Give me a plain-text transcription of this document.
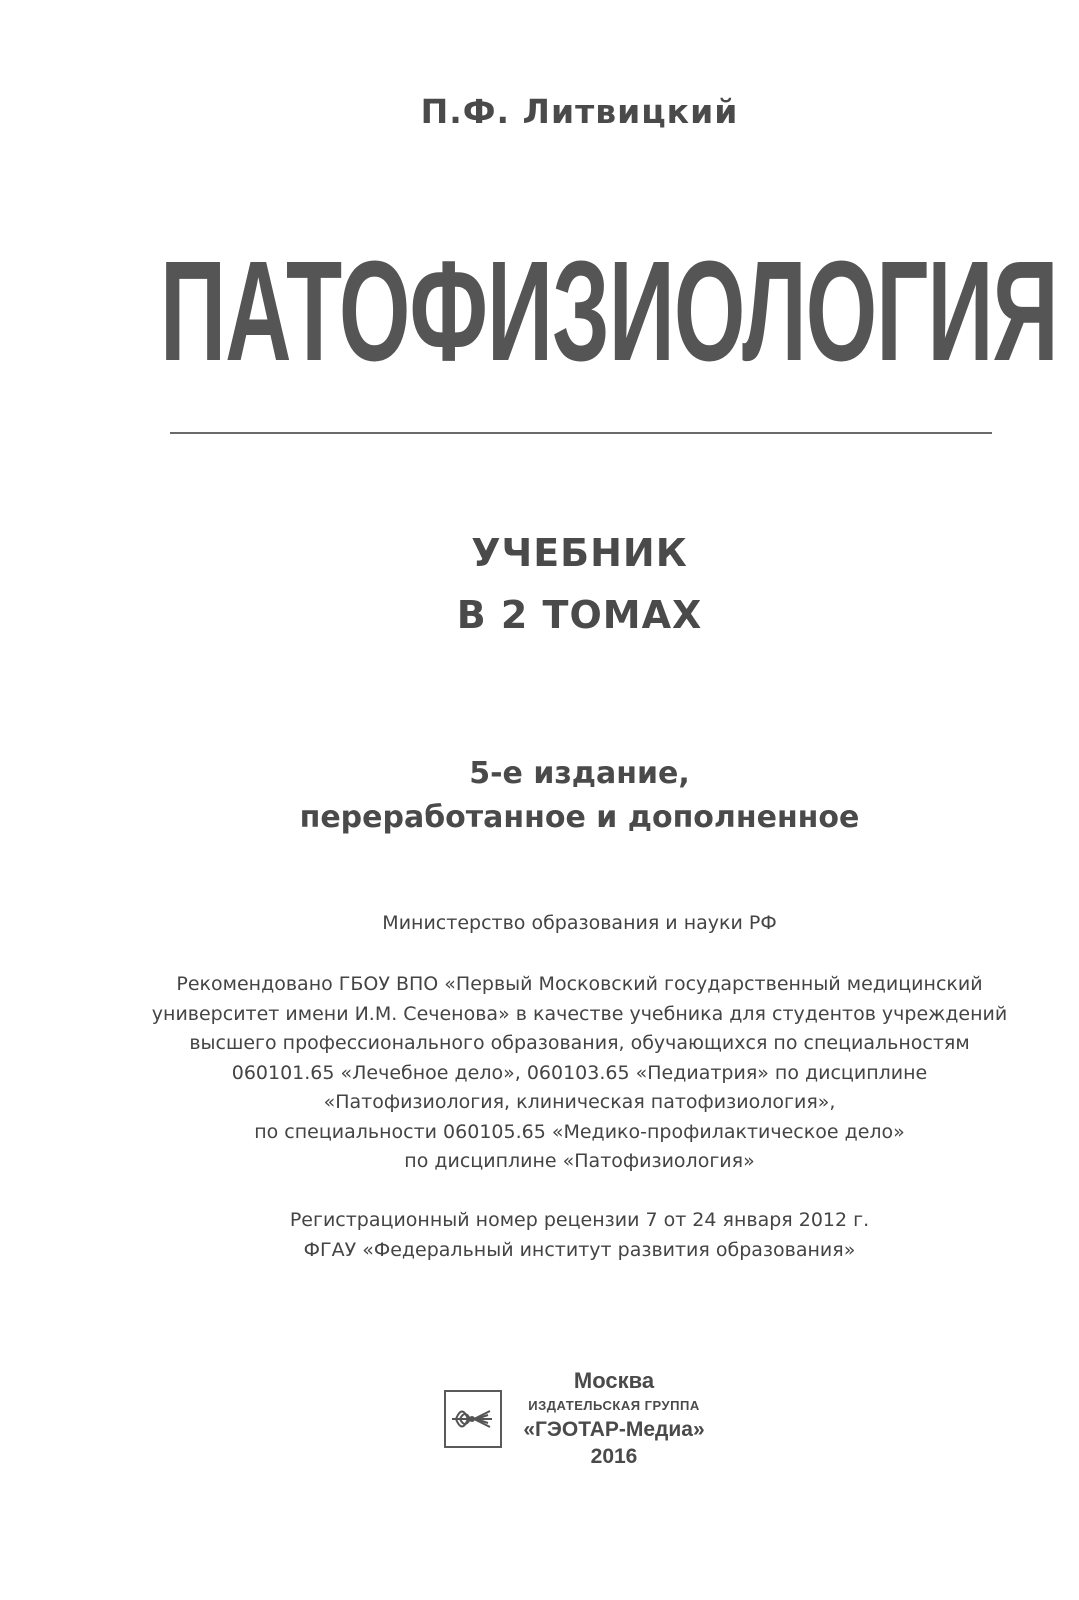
П.Ф. Литвицкий
ПАТОФИЗИОЛОГИЯ
УЧЕБНИК
В 2 ТОМАХ
5-е издание,
переработанное и дополненное
Министерство образования и науки РФ
Рекомендовано ГБОУ ВПО «Первый Московский государственный медицинский
университет имени И.М. Сеченова» в качестве учебника для студентов учреждений
высшего профессионального образования, обучающихся по специальностям
060101.65 «Лечебное дело», 060103.65 «Педиатрия» по дисциплине
«Патофизиология, клиническая патофизиология»,
по специальности 060105.65 «Медико-профилактическое дело»
по дисциплине «Патофизиология»
Регистрационный номер рецензии 7 от 24 января 2012 г.
ФГАУ «Федеральный институт развития образования»
Москва
ИЗДАТЕЛЬСКАЯ ГРУППА
«ГЭОТАР-Медиа»
2016
